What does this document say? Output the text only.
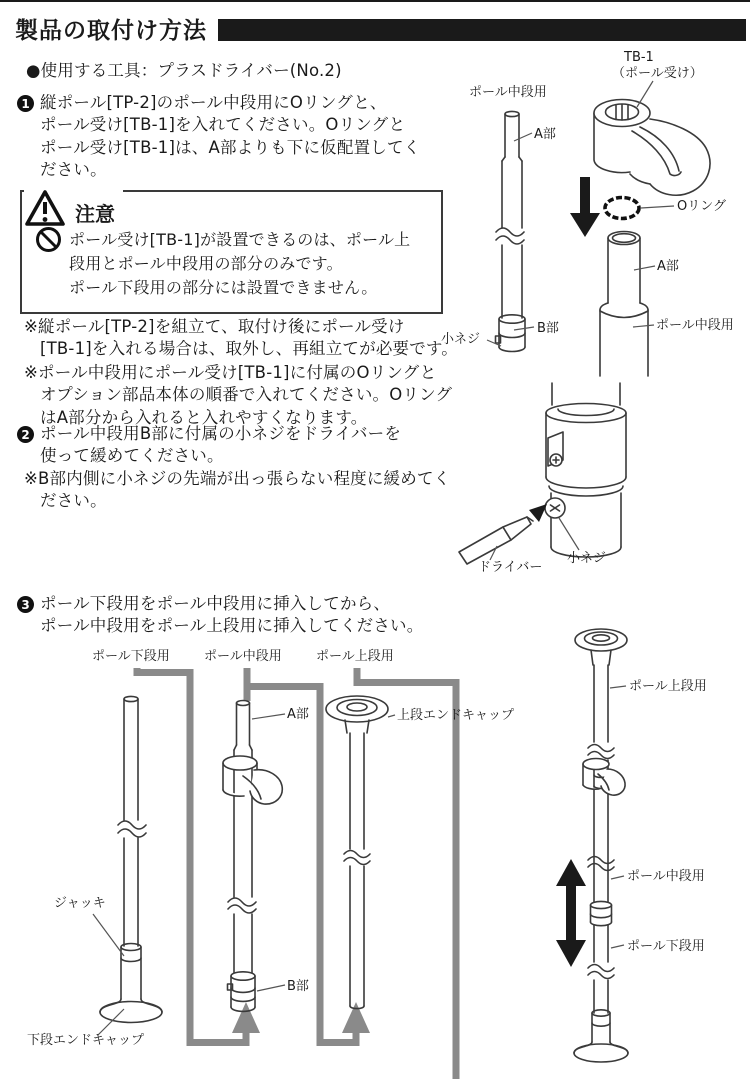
製品の取付け方法
●使用する工具：プラスドライバー(No.2)
1 縦ポール[TP-2]のポール中段用にOリングと、
ポール受け[TB-1]を入れてください。Oリングと
ポール受け[TB-1]は、A部よりも下に仮配置してく
ださい。
注意
ポール受け[TB-1]が設置できるのは、ポール上
段用とポール中段用の部分のみです。
ポール下段用の部分には設置できません。
※縦ポール[TP-2]を組立て、取付け後にポール受け
[TB-1]を入れる場合は、取外し、再組立てが必要です。
※ポール中段用にポール受け[TB-1]に付属のOリングと
オプション部品本体の順番で入れてください。Oリング
はA部分から入れると入れやすくなります。
2 ポール中段用B部に付属の小ネジをドライバーを
使って緩めてください。
※B部内側に小ネジの先端が出っ張らない程度に緩めてく
ださい。
3 ポール下段用をポール中段用に挿入してから、
ポール中段用をポール上段用に挿入してください。
ポール中段用
A部
B部
小ネジ
TB-1
（ポール受け）
Oリング
A部
ポール中段用
ドライバー
小ネジ
ポール下段用	ポール中段用	ポール上段用
A部	上段エンドキャップ
ジャッキ
下段エンドキャップ
B部
ポール上段用
ポール中段用
ポール下段用
